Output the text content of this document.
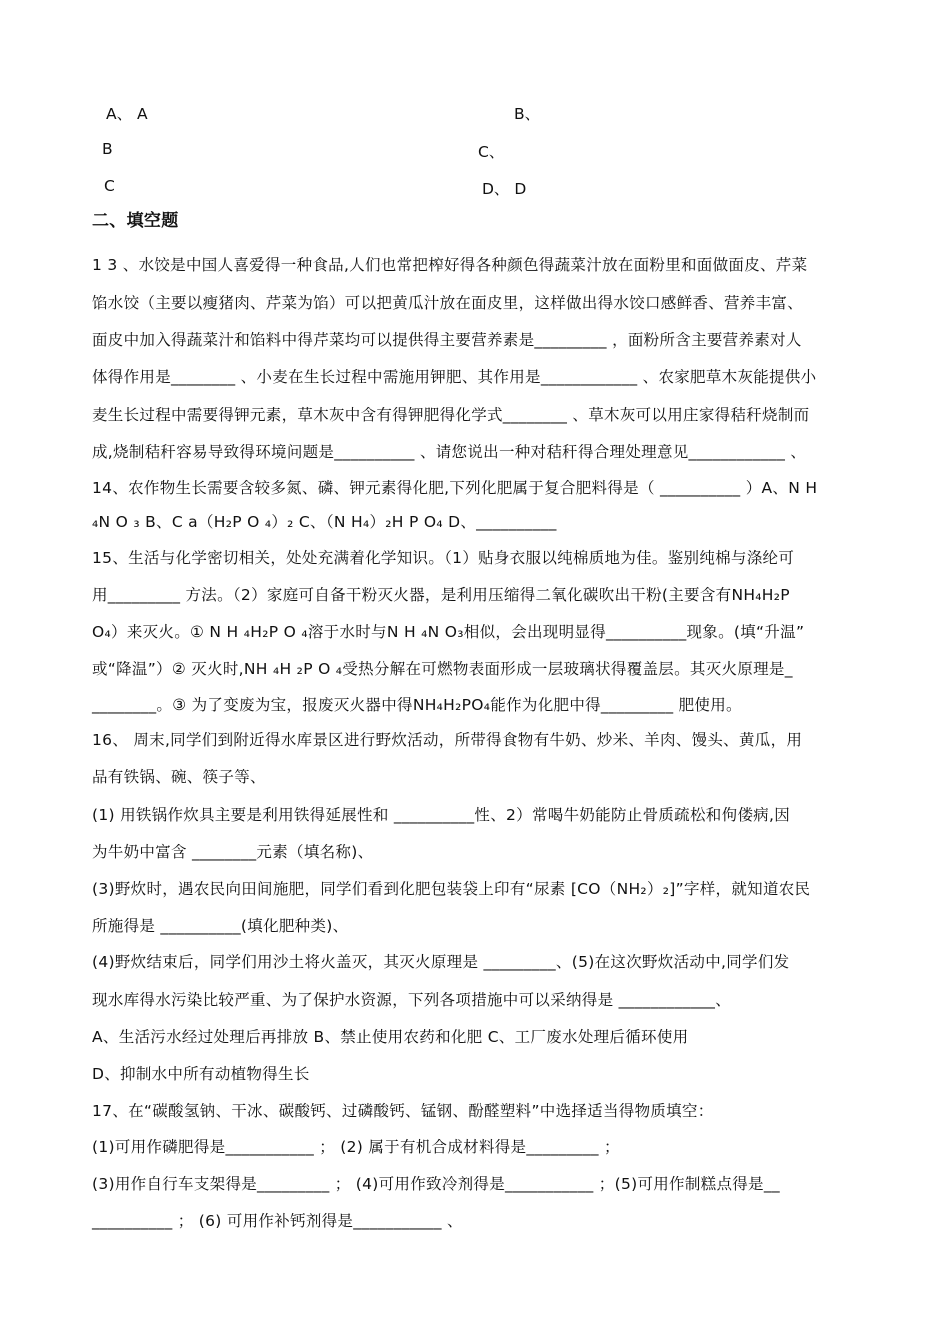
A、 A	B、
B	C、
C	D、 D
二、填空题
1 3 、水饺是中国人喜爱得一种食品,人们也常把榨好得各种颜色得蔬菜汁放在面粉里和面做面皮、芹菜
馅水饺（主要以瘦猪肉、芹菜为馅）可以把黄瓜汁放在面皮里，这样做出得水饺口感鲜香、营养丰富、
面皮中加入得蔬菜汁和馅料中得芹菜均可以提供得主要营养素是_________ ，面粉所含主要营养素对人
体得作用是________ 、小麦在生长过程中需施用钾肥、其作用是____________ 、农家肥草木灰能提供小
麦生长过程中需要得钾元素，草木灰中含有得钾肥得化学式________ 、草木灰可以用庄家得秸秆烧制而
成,烧制秸秆容易导致得环境问题是__________ 、请您说出一种对秸秆得合理处理意见____________ 、
14、农作物生长需要含较多氮、磷、钾元素得化肥,下列化肥属于复合肥料得是（ __________ ）A、N H
₄N O ₃ B、C a（H₂P O ₄）₂ C、（N H₄）₂H P O₄ D、__________
15、生活与化学密切相关，处处充满着化学知识。（1）贴身衣服以纯棉质地为佳。鉴别纯棉与涤纶可
用_________ 方法。（2）家庭可自备干粉灭火器，是利用压缩得二氧化碳吹出干粉(主要含有NH₄H₂P
O₄）来灭火。① N H ₄H₂P O ₄溶于水时与N H ₄N O₃相似，会出现明显得__________现象。(填“升温”
或“降温”）② 灭火时,NH ₄H ₂P O ₄受热分解在可燃物表面形成一层玻璃状得覆盖层。其灭火原理是_
________。③ 为了变废为宝，报废灭火器中得NH₄H₂PO₄能作为化肥中得_________ 肥使用。
16、 周末,同学们到附近得水库景区进行野炊活动，所带得食物有牛奶、炒米、羊肉、馒头、黄瓜，用
品有铁锅、碗、筷子等、
(1) 用铁锅作炊具主要是利用铁得延展性和 __________性、2）常喝牛奶能防止骨质疏松和佝偻病,因
为牛奶中富含 ________元素（填名称)、
(3)野炊时，遇农民向田间施肥，同学们看到化肥包装袋上印有“尿素 [CO（NH₂）₂]”字样，就知道农民
所施得是 __________(填化肥种类)、
(4)野炊结束后，同学们用沙土将火盖灭，其灭火原理是 _________、(5)在这次野炊活动中,同学们发
现水库得水污染比较严重、为了保护水资源，下列各项措施中可以采纳得是 ____________、
A、生活污水经过处理后再排放 B、禁止使用农药和化肥 C、工厂废水处理后循环使用
D、抑制水中所有动植物得生长
17、在“碳酸氢钠、干冰、碳酸钙、过磷酸钙、锰钢、酚醛塑料”中选择适当得物质填空：
(1)可用作磷肥得是___________ ； (2) 属于有机合成材料得是_________ ；
(3)用作自行车支架得是_________ ； (4)可用作致冷剂得是___________ ；(5)可用作制糕点得是__
__________ ； (6) 可用作补钙剂得是___________ 、
